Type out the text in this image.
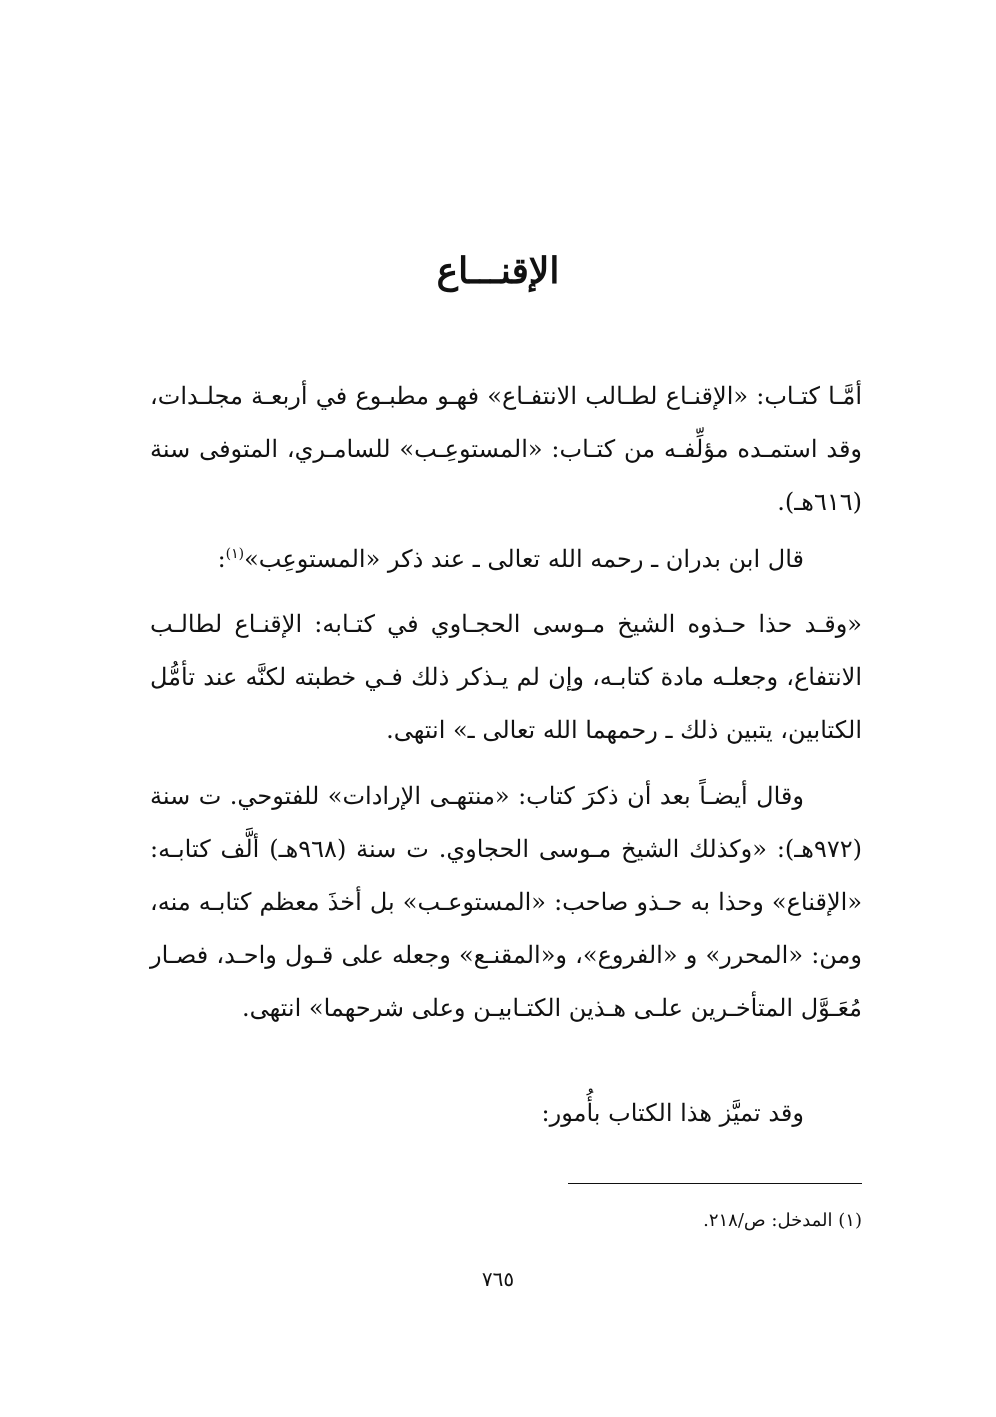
الإقنـــاع

أمَّـا كتـاب: «الإقنـاع لطـالب الانتفـاع» فهـو مطبـوع في أربعـة مجلـدات، وقد استمـده مؤلِّفـه من كتـاب: «المستوعِـب» للسامـري، المتوفى سنة (٦١٦هـ).

قال ابن بدران ـ رحمه الله تعالى ـ عند ذكر «المستوعِب»$^{(١)}$:

«وقـد حذا حـذوه الشيخ مـوسى الحجـاوي في كتـابه: الإقنـاع لطالـب الانتفاع، وجعلـه مادة كتابـه، وإن لم يـذكر ذلك فـي خطبته لكنَّه عند تأمُّل الكتابين، يتبين ذلك ـ رحمهما الله تعالى ـ» انتهى.

وقال أيضـاً بعد أن ذكرَ كتاب: «منتهـى الإرادات» للفتوحي. ت سنة (٩٧٢هـ): «وكذلك الشيخ مـوسى الحجاوي. ت سنة (٩٦٨هـ) ألَّف كتابـه: «الإقناع» وحذا به حـذو صاحب: «المستوعـب» بل أخذَ معظم كتابـه منه، ومن: «المحرر» و «الفروع»، و«المقنـع» وجعله على قـول واحـد، فصـار مُعَـوَّل المتأخـرين علـى هـذين الكتـابيـن وعلى شرحهما» انتهى.

وقد تميَّز هذا الكتاب بأُمور:

(١) المدخل: ص/٢١٨.
٧٦٥
